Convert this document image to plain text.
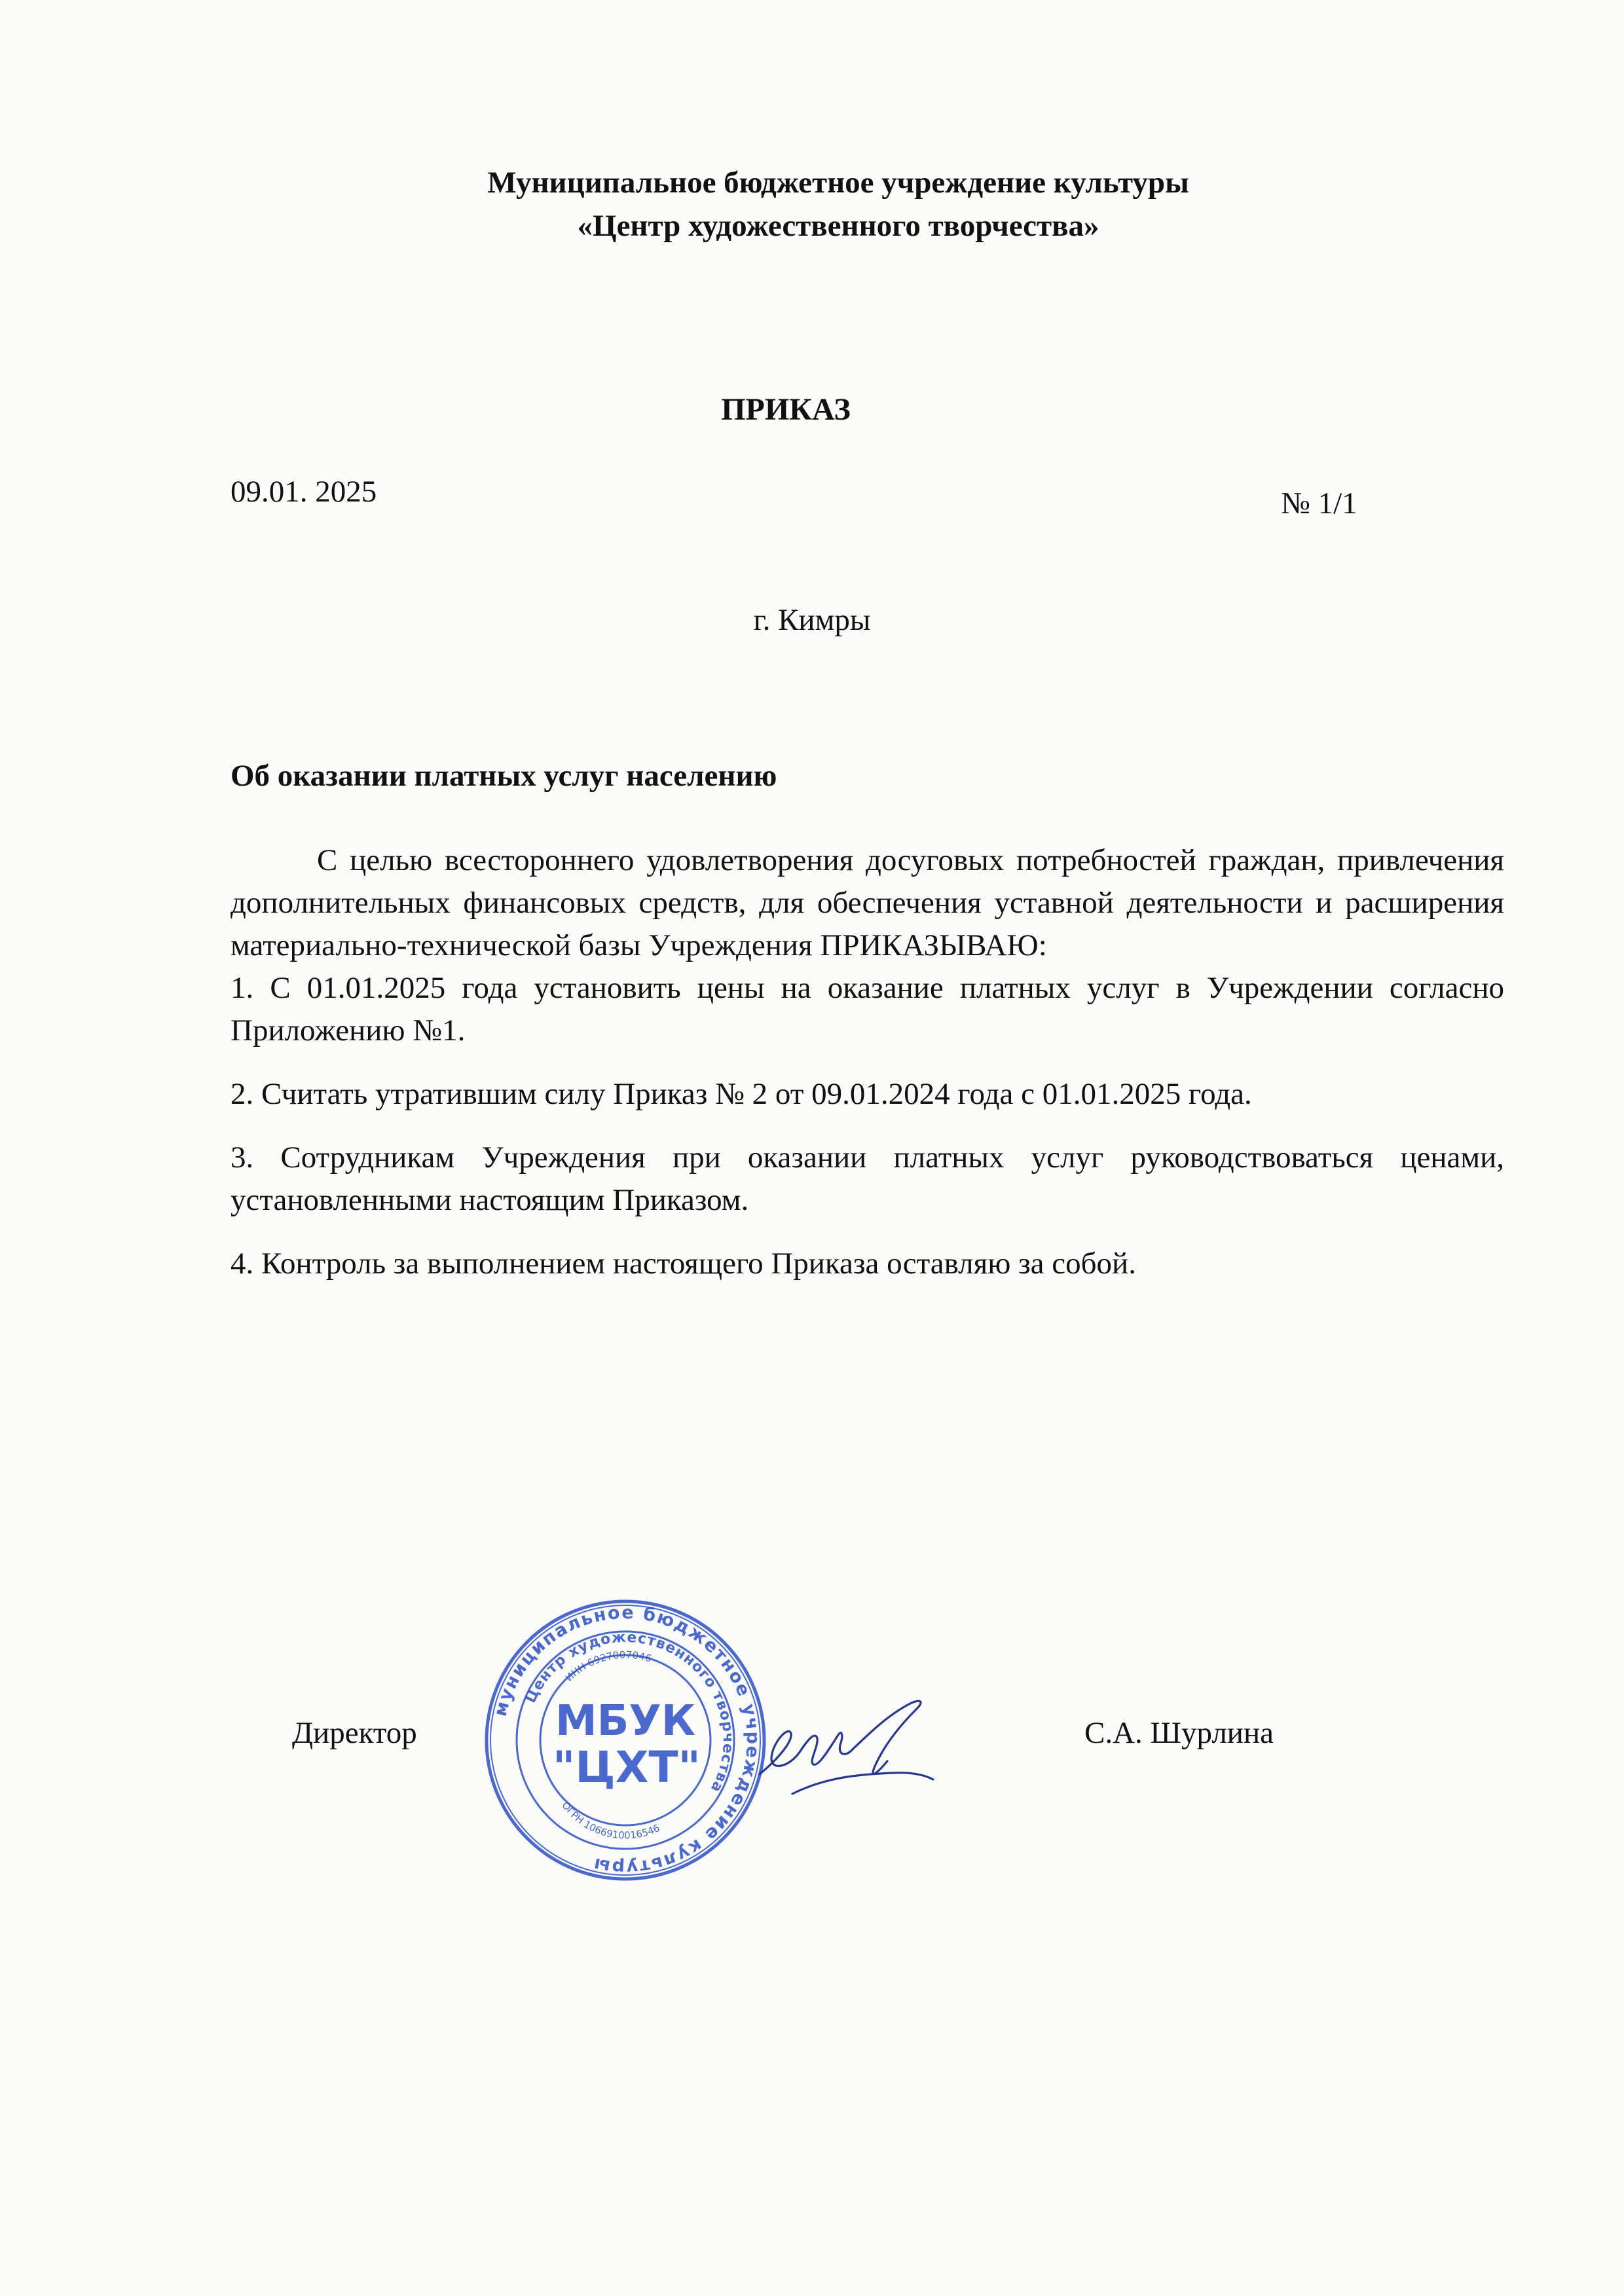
Муниципальное бюджетное учреждение культуры
«Центр художественного творчества»
ПРИКАЗ
09.01. 2025	№ 1/1
г. Кимры
Об оказании платных услуг населению

С целью всестороннего удовлетворения досуговых потребностей граждан, привлечения дополнительных финансовых средств, для обеспечения уставной деятельности и расширения материально-технической базы Учреждения ПРИКАЗЫВАЮ:

1. С 01.01.2025 года установить цены на оказание платных услуг в Учреждении согласно Приложению №1.

2. Считать утратившим силу Приказ № 2 от 09.01.2024 года с 01.01.2025 года.

3. Сотрудникам Учреждения при оказании платных услуг руководствоваться ценами, установленными настоящим Приказом.

4. Контроль за выполнением настоящего Приказа оставляю за собой.

Директор	С.А. Шурлина
муниципальное бюджетное учреждение культуры
Центр художественного творчества
ИНН 6927007046
ОГРН 1066910016546
МБУК
"ЦХТ"
